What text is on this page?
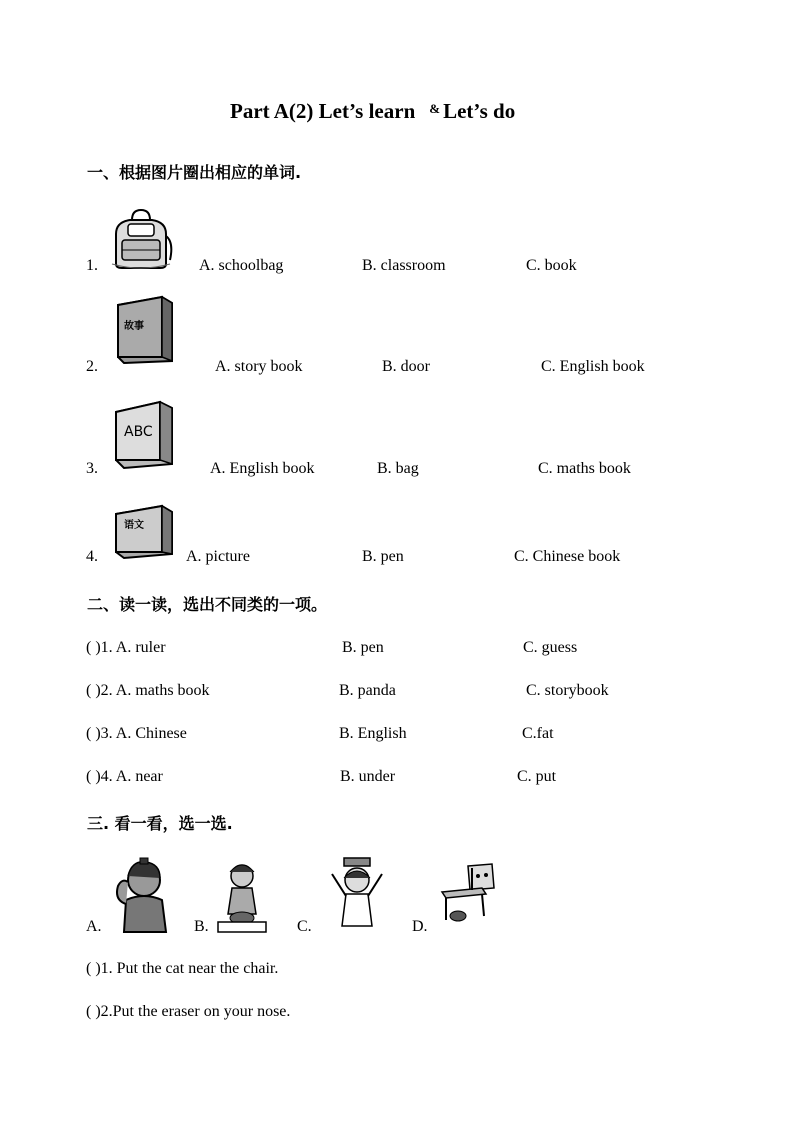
Part A(2) Let’s learn & Let’s do
一、根据图片圈出相应的单词.
1.	A. schoolbag	B. classroom	C. book
故事
2.	A. story book	B. door	C. English book
ABC
3.	A. English book	B. bag	C. maths book
语文
4.	A. picture	B. pen	C. Chinese book
二、读一读，选出不同类的一项。
( )1. A. ruler	B. pen	C. guess
( )2. A. maths book	B. panda	C. storybook
( )3. A. Chinese	B. English	C.fat
( )4. A. near	B. under	C. put
三. 看一看，选一选.
A.	B.	C.	D.
( )1. Put the cat near the chair.
( )2.Put the eraser on your nose.
